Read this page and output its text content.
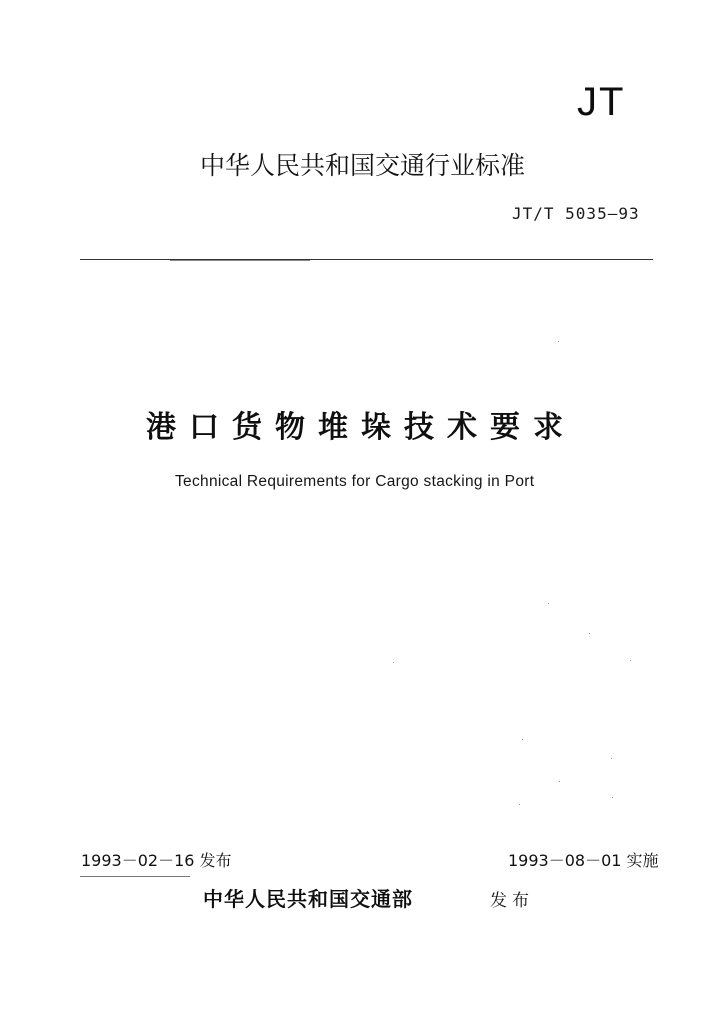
JT
中华人民共和国交通行业标准
JT/T 5035—93
港口货物堆垛技术要求
Technical Requirements for Cargo stacking in Port
1993－02－16 发布	1993－08－01 实施
中华人民共和国交通部	发布
